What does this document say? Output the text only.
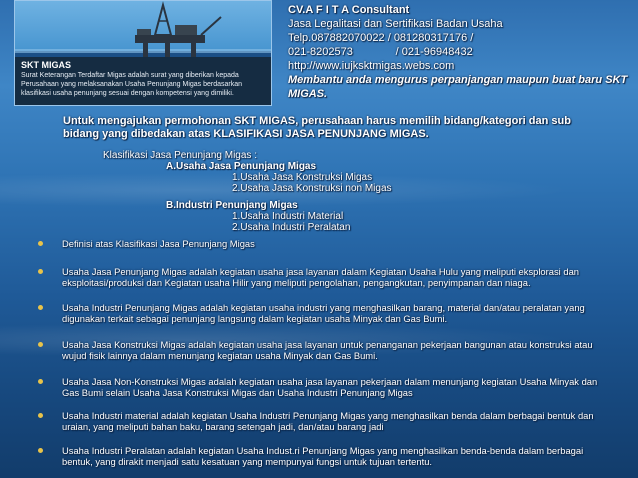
SKT MIGAS
Surat Keterangan Terdaftar Migas adalah surat yang diberikan kepada Perusahaan yang melaksanakan Usaha Penunjang Migas berdasarkan klasifikasi usaha penunjang sesuai dengan kompetensi yang dimiliki.
CV.A F I T A Consultant
Jasa Legalitasi dan Sertifikasi Badan Usaha
Telp.087882070022 / 081280317176 /
021-8202573              / 021-96948432
http://www.iujksktmigas.webs.com
Membantu anda mengurus perpanjangan maupun buat baru SKT MIGAS.
Untuk mengajukan permohonan SKT MIGAS, perusahaan harus memilih bidang/kategori dan sub bidang yang dibedakan atas KLASIFIKASI JASA PENUNJANG MIGAS.
Klasifikasi Jasa Penunjang Migas :
A.Usaha Jasa Penunjang Migas
1.Usaha Jasa Konstruksi Migas
2.Usaha Jasa Konstruksi non Migas
B.Industri Penunjang Migas
1.Usaha Industri Material
2.Usaha Industri Peralatan
Definisi atas Klasifikasi Jasa Penunjang Migas
Usaha Jasa Penunjang Migas adalah kegiatan usaha jasa layanan dalam Kegiatan Usaha Hulu yang meliputi eksplorasi dan eksploitasi/produksi dan Kegiatan usaha Hilir yang meliputi pengolahan, pengangkutan, penyimpanan dan niaga.
Usaha Industri Penunjang Migas adalah kegiatan usaha industri yang menghasilkan barang, material dan/atau peralatan yang digunakan terkait sebagai penunjang langsung dalam kegiatan usaha Minyak dan Gas Bumi.
Usaha Jasa Konstruksi Migas adalah kegiatan usaha jasa layanan untuk penanganan pekerjaan bangunan atau konstruksi atau wujud fisik lainnya dalam menunjang kegiatan usaha Minyak dan Gas Bumi.
Usaha Jasa Non-Konstruksi Migas adalah kegiatan usaha jasa layanan pekerjaan dalam menunjang kegiatan Usaha Minyak dan Gas Bumi selain Usaha Jasa Konstruksi Migas dan Usaha Industri Penunjang Migas
Usaha Industri material adalah kegiatan Usaha Industri Penunjang Migas yang menghasilkan benda dalam berbagai bentuk dan uraian, yang meliputi bahan baku, barang setengah jadi, dan/atau barang jadi
Usaha Industri Peralatan adalah kegiatan Usaha Indust.ri Penunjang Migas yang menghasilkan benda-benda dalam berbagai bentuk, yang dirakit menjadi satu kesatuan yang mempunyai fungsi untuk tujuan tertentu.
